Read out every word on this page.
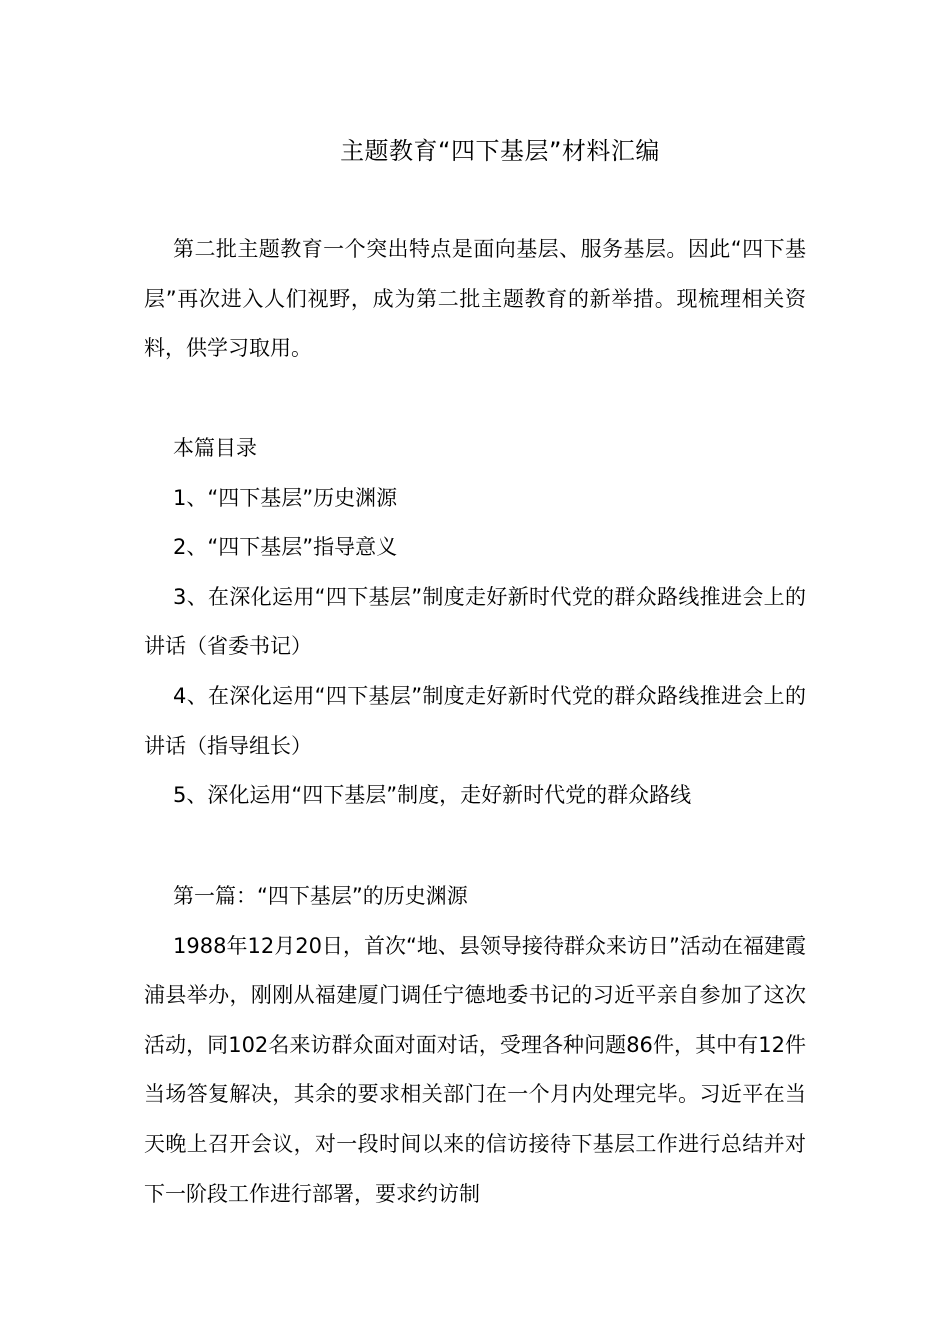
主题教育“四下基层”材料汇编

第二批主题教育一个突出特点是面向基层、服务基层。因此“四下基层”再次进入人们视野，成为第二批主题教育的新举措。现梳理相关资料，供学习取用。

本篇目录

1、“四下基层”历史渊源

2、“四下基层”指导意义

3、在深化运用“四下基层”制度走好新时代党的群众路线推进会上的讲话（省委书记）

4、在深化运用“四下基层”制度走好新时代党的群众路线推进会上的讲话（指导组长）

5、深化运用“四下基层”制度，走好新时代党的群众路线

第一篇：“四下基层”的历史渊源

1988年12月20日，首次“地、县领导接待群众来访日”活动在福建霞浦县举办，刚刚从福建厦门调任宁德地委书记的习近平亲自参加了这次活动，同102名来访群众面对面对话，受理各种问题86件，其中有12件当场答复解决，其余的要求相关部门在一个月内处理完毕。习近平在当天晚上召开会议，对一段时间以来的信访接待下基层工作进行总结并对下一阶段工作进行部署，要求约访制
